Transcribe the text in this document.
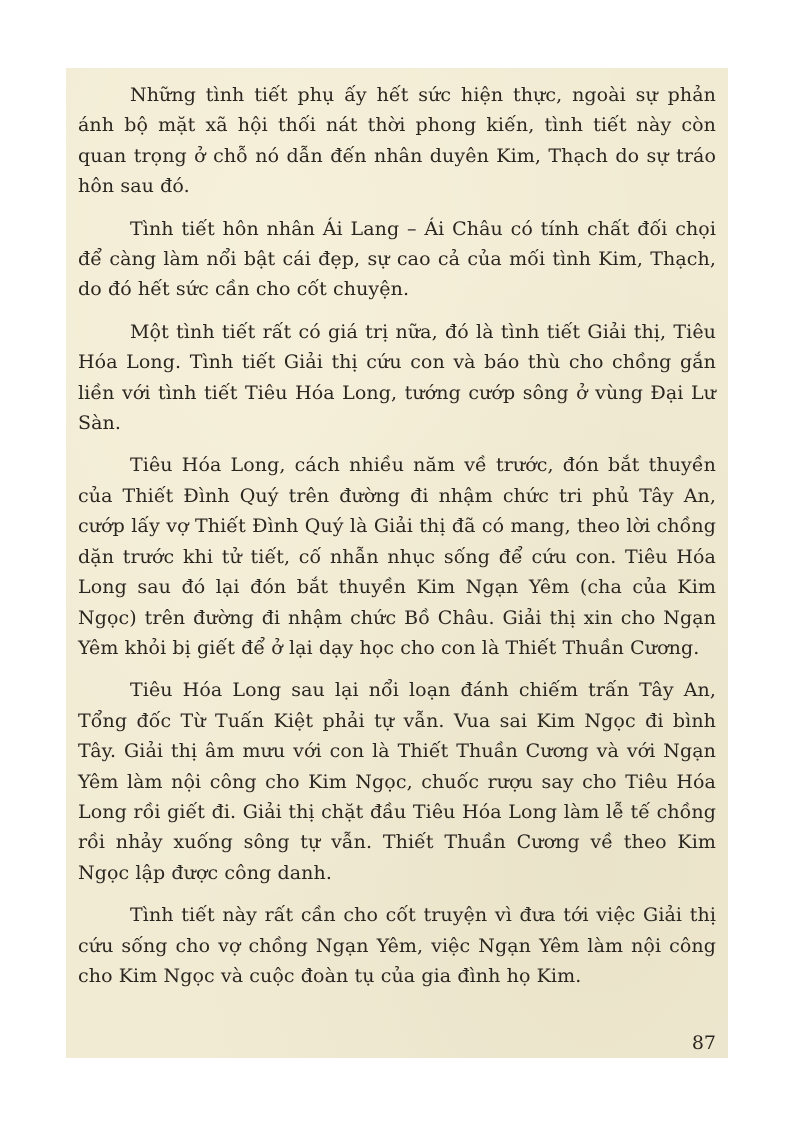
Những tình tiết phụ ấy hết sức hiện thực, ngoài sự phản ánh bộ mặt xã hội thối nát thời phong kiến, tình tiết này còn quan trọng ở chỗ nó dẫn đến nhân duyên Kim, Thạch do sự tráo hôn sau đó.

Tình tiết hôn nhân Ái Lang – Ái Châu có tính chất đối chọi để càng làm nổi bật cái đẹp, sự cao cả của mối tình Kim, Thạch, do đó hết sức cần cho cốt chuyện.

Một tình tiết rất có giá trị nữa, đó là tình tiết Giải thị, Tiêu Hóa Long. Tình tiết Giải thị cứu con và báo thù cho chồng gắn liền với tình tiết Tiêu Hóa Long, tướng cướp sông ở vùng Đại Lư Sàn.

Tiêu Hóa Long, cách nhiều năm về trước, đón bắt thuyền của Thiết Đình Quý trên đường đi nhậm chức tri phủ Tây An, cướp lấy vợ Thiết Đình Quý là Giải thị đã có mang, theo lời chồng dặn trước khi tử tiết, cố nhẫn nhục sống để cứu con. Tiêu Hóa Long sau đó lại đón bắt thuyền Kim Ngạn Yêm (cha của Kim Ngọc) trên đường đi nhậm chức Bồ Châu. Giải thị xin cho Ngạn Yêm khỏi bị giết để ở lại dạy học cho con là Thiết Thuần Cương.

Tiêu Hóa Long sau lại nổi loạn đánh chiếm trấn Tây An, Tổng đốc Từ Tuấn Kiệt phải tự vẫn. Vua sai Kim Ngọc đi bình Tây. Giải thị âm mưu với con là Thiết Thuần Cương và với Ngạn Yêm làm nội công cho Kim Ngọc, chuốc rượu say cho Tiêu Hóa Long rồi giết đi. Giải thị chặt đầu Tiêu Hóa Long làm lễ tế chồng rồi nhảy xuống sông tự vẫn. Thiết Thuần Cương về theo Kim Ngọc lập được công danh.

Tình tiết này rất cần cho cốt truyện vì đưa tới việc Giải thị cứu sống cho vợ chồng Ngạn Yêm, việc Ngạn Yêm làm nội công cho Kim Ngọc và cuộc đoàn tụ của gia đình họ Kim.

87
